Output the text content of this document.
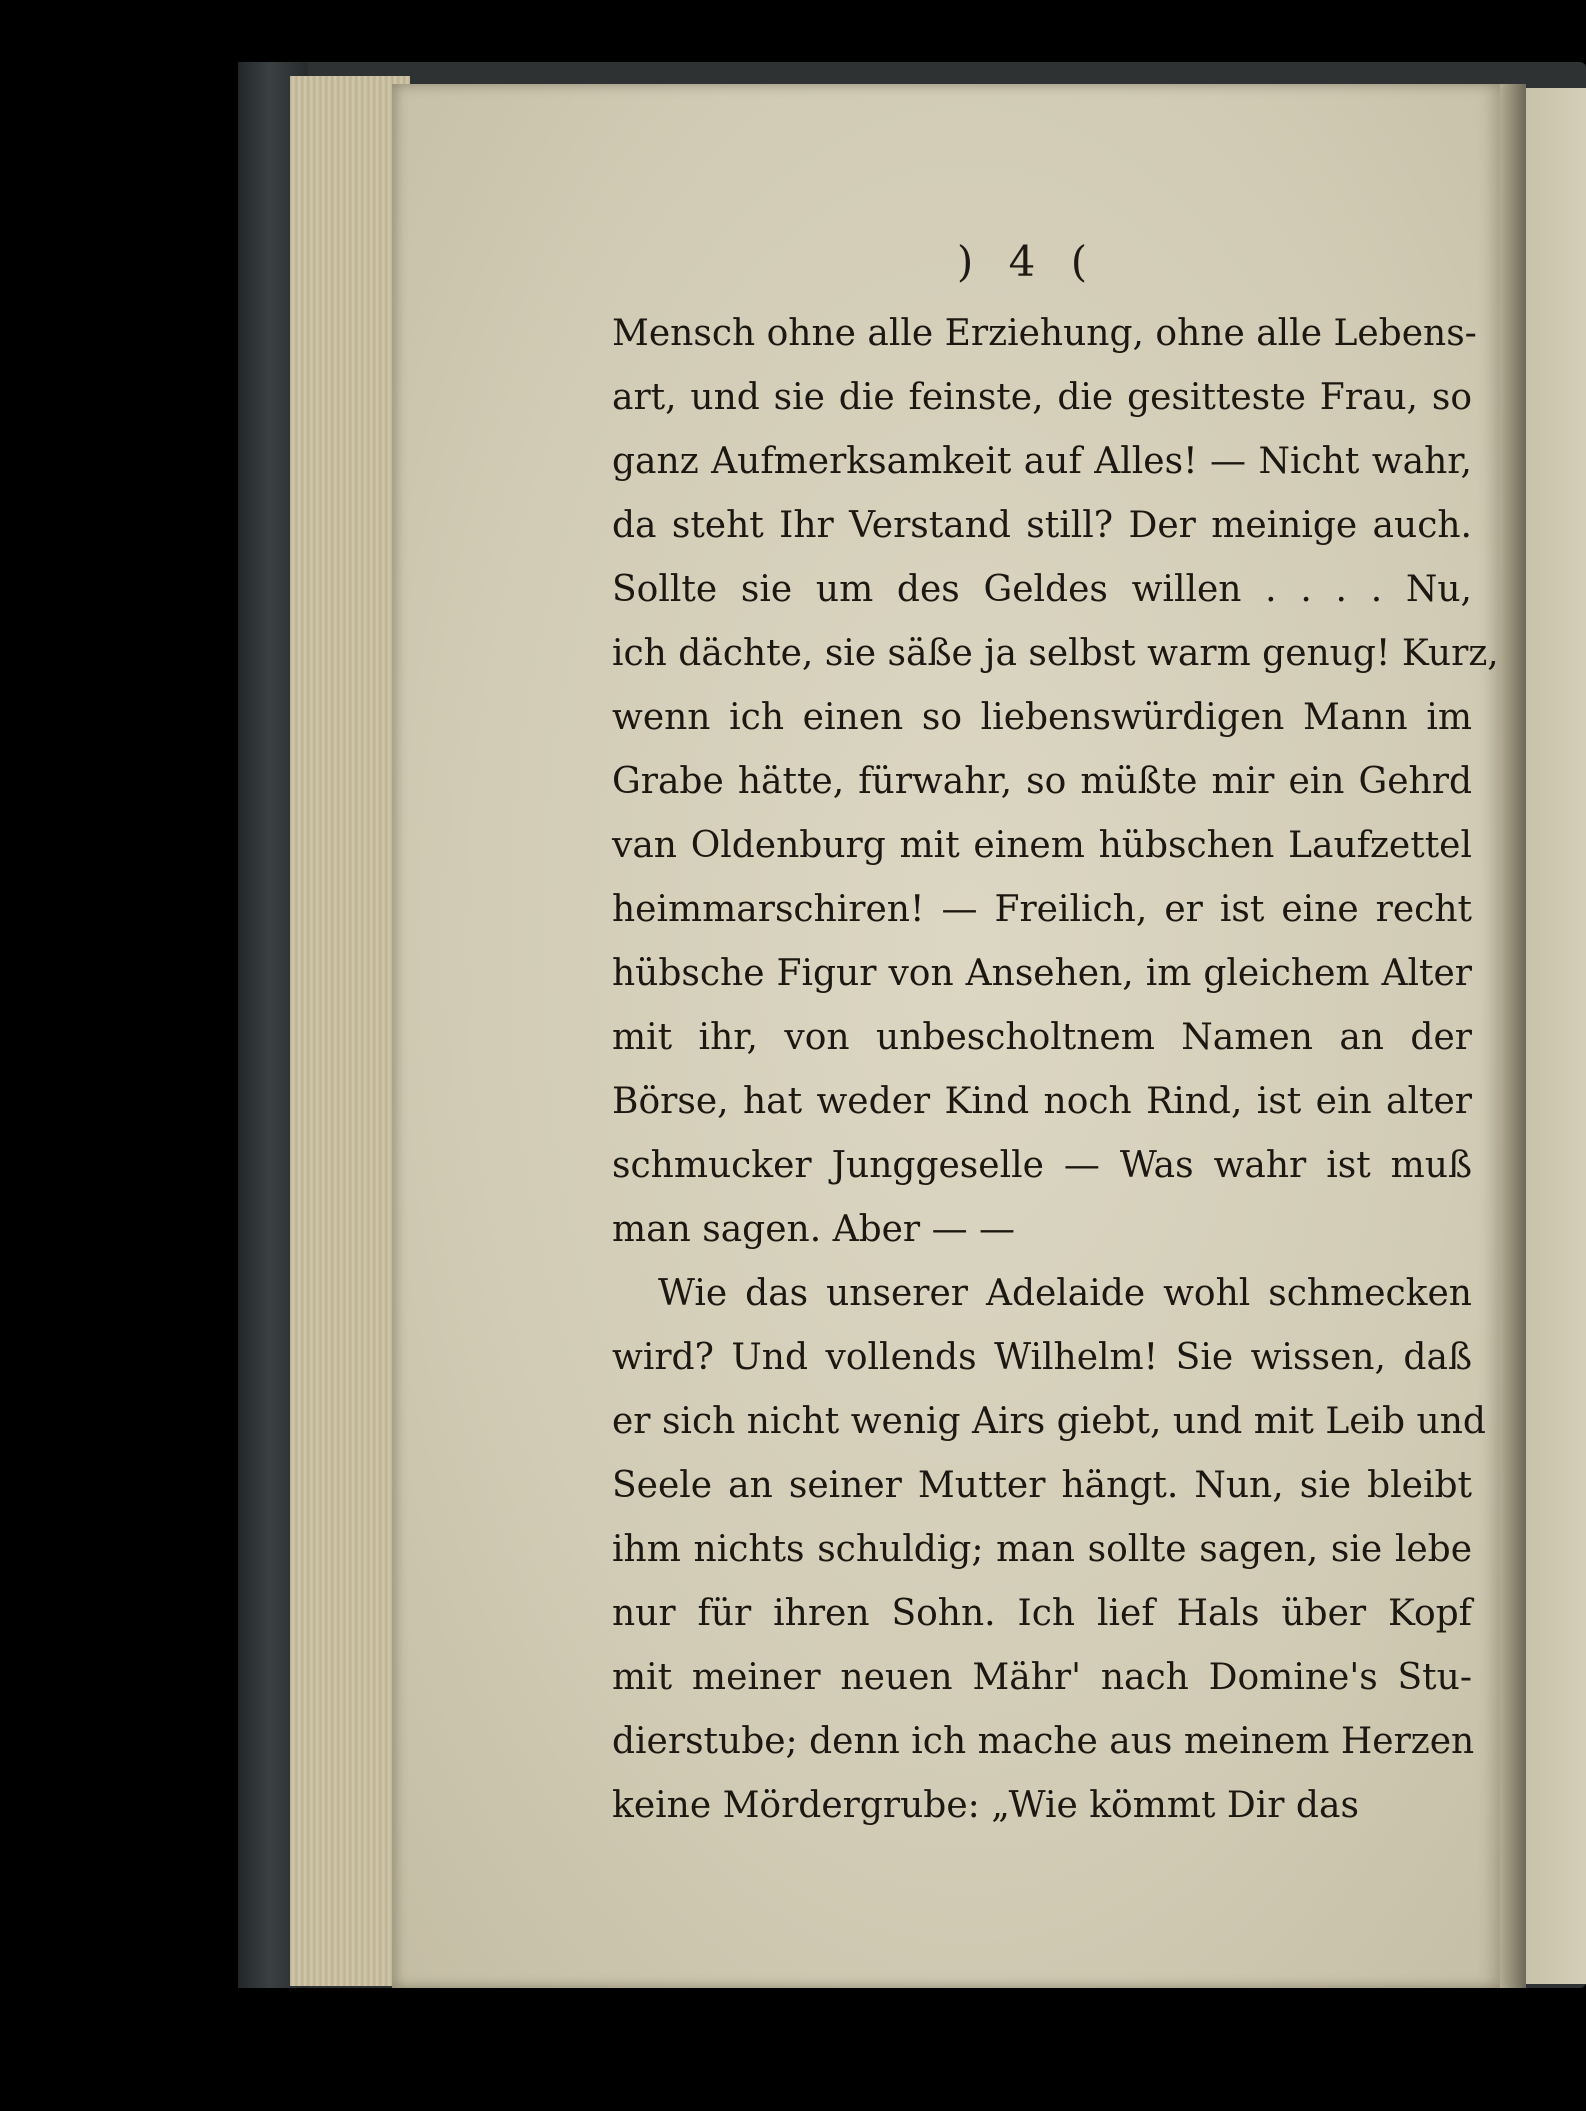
) 4 (
Mensch ohne alle Erziehung, ohne alle Lebens-
art, und sie die feinste, die gesitteste Frau, so
ganz Aufmerksamkeit auf Alles! — Nicht wahr,
da steht Ihr Verstand still? Der meinige auch.
Sollte sie um des Geldes willen . . . . Nu,
ich dächte, sie säße ja selbst warm genug! Kurz,
wenn ich einen so liebenswürdigen Mann im
Grabe hätte, fürwahr, so müßte mir ein Gehrd
van Oldenburg mit einem hübschen Laufzettel
heimmarschiren! — Freilich, er ist eine recht
hübsche Figur von Ansehen, im gleichem Alter
mit ihr, von unbescholtnem Namen an der
Börse, hat weder Kind noch Rind, ist ein alter
schmucker Junggeselle — Was wahr ist muß
man sagen. Aber — —
Wie das unserer Adelaide wohl schmecken
wird? Und vollends Wilhelm! Sie wissen, daß
er sich nicht wenig Airs giebt, und mit Leib und
Seele an seiner Mutter hängt. Nun, sie bleibt
ihm nichts schuldig; man sollte sagen, sie lebe
nur für ihren Sohn. Ich lief Hals über Kopf
mit meiner neuen Mähr' nach Domine's Stu-
dierstube; denn ich mache aus meinem Herzen
keine Mördergrube: „Wie kömmt Dir das
